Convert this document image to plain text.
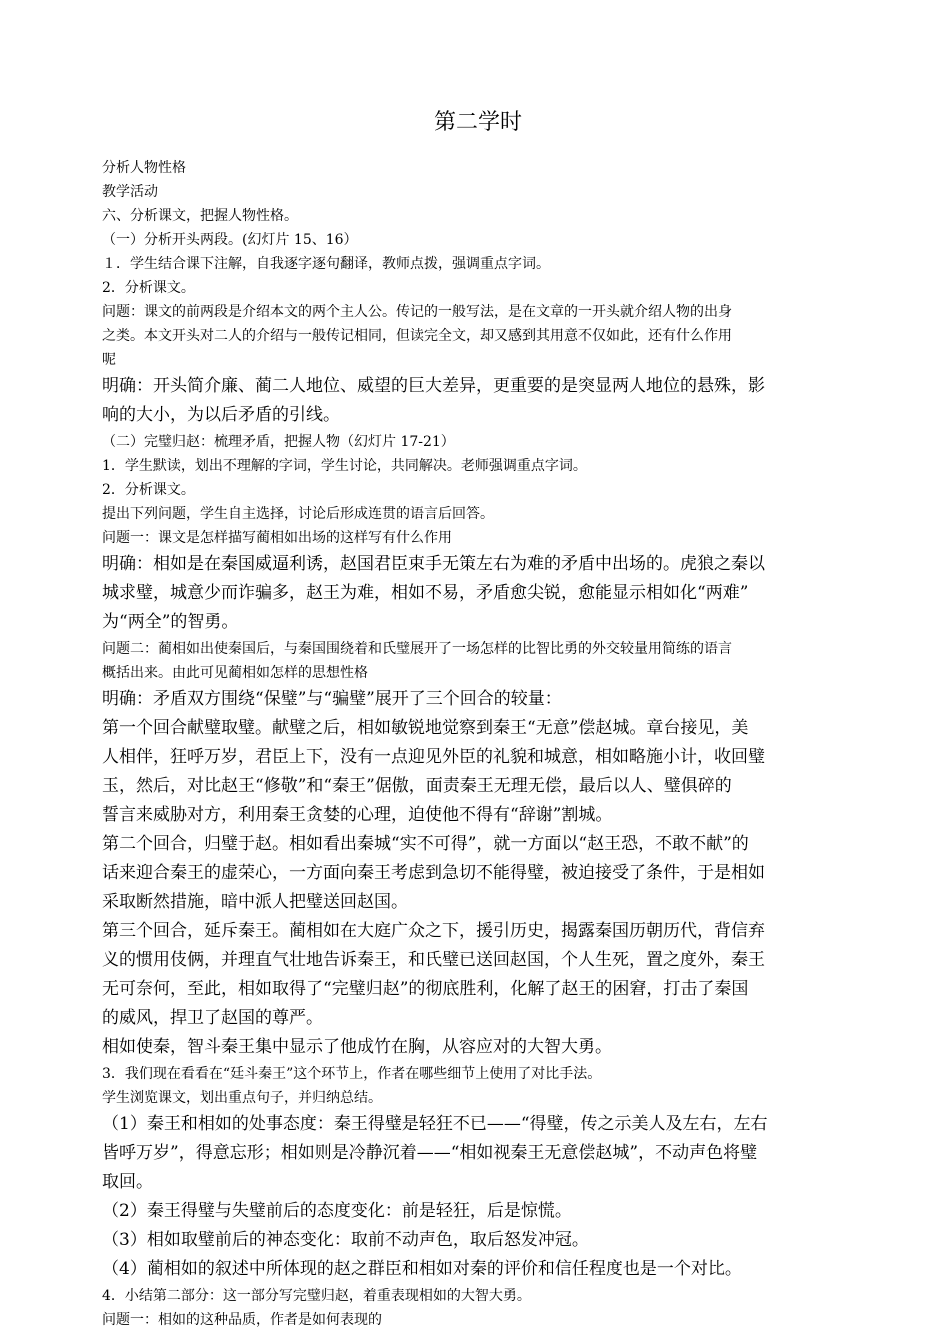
第二学时

分析人物性格

教学活动

六、分析课文，把握人物性格。

（一）分析开头两段。(幻灯片 15、16）

１．学生结合课下注解，自我逐字逐句翻译，教师点拨，强调重点字词。

2．分析课文。

问题：课文的前两段是介绍本文的两个主人公。传记的一般写法，是在文章的一开头就介绍人物的出身

之类。本文开头对二人的介绍与一般传记相同，但读完全文，却又感到其用意不仅如此，还有什么作用

呢

明确：开头简介廉、蔺二人地位、威望的巨大差异，更重要的是突显两人地位的悬殊，影

响的大小，为以后矛盾的引线。

（二）完璧归赵：梳理矛盾，把握人物（幻灯片 17-21）

1．学生默读，划出不理解的字词，学生讨论，共同解决。老师强调重点字词。

2．分析课文。

提出下列问题，学生自主选择，讨论后形成连贯的语言后回答。

问题一：课文是怎样描写蔺相如出场的这样写有什么作用

明确：相如是在秦国威逼利诱，赵国君臣束手无策左右为难的矛盾中出场的。虎狼之秦以

城求璧，城意少而诈骗多，赵王为难，相如不易，矛盾愈尖锐，愈能显示相如化“两难”

为“两全”的智勇。

问题二：蔺相如出使秦国后，与秦国围绕着和氏璧展开了一场怎样的比智比勇的外交较量用简练的语言

概括出来。由此可见蔺相如怎样的思想性格

明确：矛盾双方围绕“保璧”与“骗璧”展开了三个回合的较量：

第一个回合献璧取璧。献璧之后，相如敏锐地觉察到秦王“无意”偿赵城。章台接见，美

人相伴，狂呼万岁，君臣上下，没有一点迎见外臣的礼貌和城意，相如略施小计，收回璧

玉，然后，对比赵王“修敬”和“秦王”倨傲，面责秦王无理无偿，最后以人、璧俱碎的

誓言来威胁对方，利用秦王贪婪的心理，迫使他不得有“辞谢”割城。

第二个回合，归璧于赵。相如看出秦城“实不可得”，就一方面以“赵王恐，不敢不献”的

话来迎合秦王的虚荣心，一方面向秦王考虑到急切不能得璧，被迫接受了条件，于是相如

采取断然措施，暗中派人把璧送回赵国。

第三个回合，延斥秦王。蔺相如在大庭广众之下，援引历史，揭露秦国历朝历代，背信弃

义的惯用伎俩，并理直气壮地告诉秦王，和氏璧已送回赵国，个人生死，置之度外，秦王

无可奈何，至此，相如取得了“完璧归赵”的彻底胜利，化解了赵王的困窘，打击了秦国

的威风，捍卫了赵国的尊严。

相如使秦，智斗秦王集中显示了他成竹在胸，从容应对的大智大勇。

3．我们现在看看在“廷斗秦王”这个环节上，作者在哪些细节上使用了对比手法。

学生浏览课文，划出重点句子，并归纳总结。

（1）秦王和相如的处事态度：秦王得璧是轻狂不已——“得璧，传之示美人及左右，左右

皆呼万岁”，得意忘形；相如则是冷静沉着——“相如视秦王无意偿赵城”，不动声色将璧

取回。

（2）秦王得璧与失璧前后的态度变化：前是轻狂，后是惊慌。

（3）相如取璧前后的神态变化：取前不动声色，取后怒发冲冠。

（4）蔺相如的叙述中所体现的赵之群臣和相如对秦的评价和信任程度也是一个对比。

4．小结第二部分：这一部分写完璧归赵，着重表现相如的大智大勇。

问题一：相如的这种品质，作者是如何表现的
